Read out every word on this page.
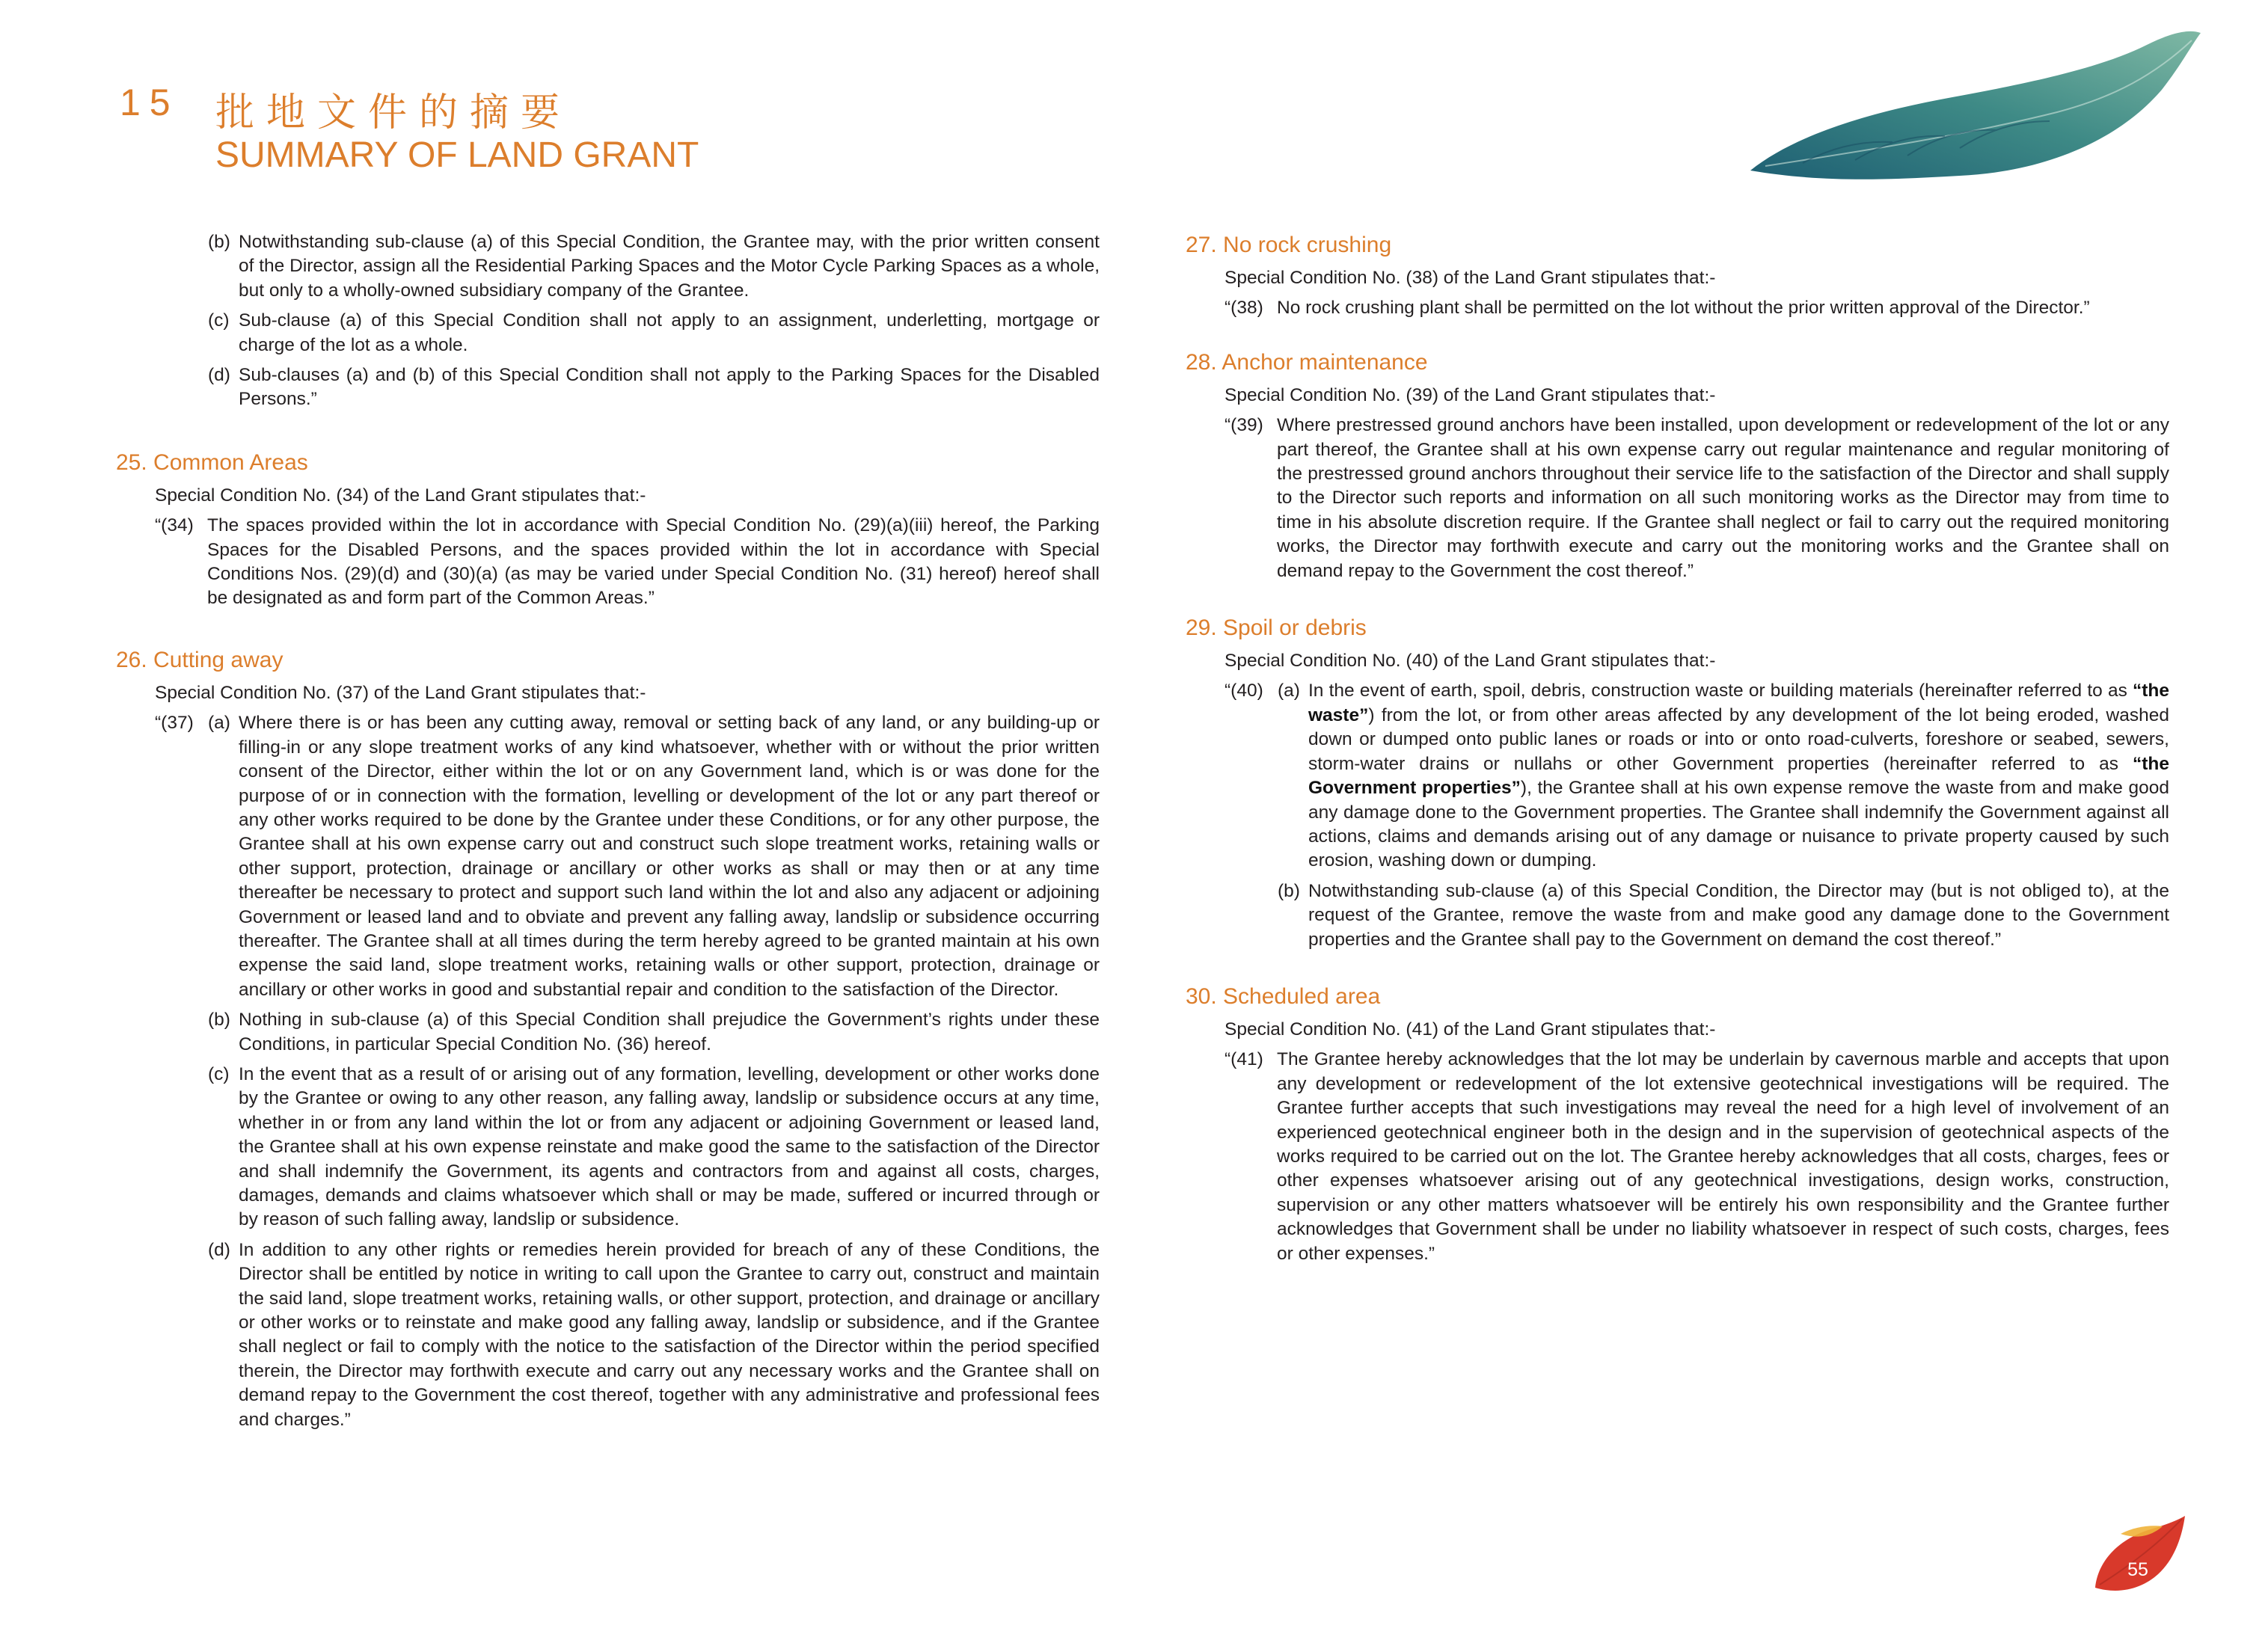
15 批地文件的摘要
SUMMARY OF LAND GRANT
(b) Notwithstanding sub-clause (a) of this Special Condition, the Grantee may, with the prior written consent of the Director, assign all the Residential Parking Spaces and the Motor Cycle Parking Spaces as a whole, but only to a wholly-owned subsidiary company of the Grantee.
(c) Sub-clause (a) of this Special Condition shall not apply to an assignment, underletting, mortgage or charge of the lot as a whole.
(d) Sub-clauses (a) and (b) of this Special Condition shall not apply to the Parking Spaces for the Disabled Persons.”
25. Common Areas
Special Condition No. (34) of the Land Grant stipulates that:-
“(34) The spaces provided within the lot in accordance with Special Condition No. (29)(a)(iii) hereof, the Parking Spaces for the Disabled Persons, and the spaces provided within the lot in accordance with Special Conditions Nos. (29)(d) and (30)(a) (as may be varied under Special Condition No. (31) hereof) hereof shall be designated as and form part of the Common Areas.”
26. Cutting away
Special Condition No. (37) of the Land Grant stipulates that:-
“(37) (a) Where there is or has been any cutting away, removal or setting back of any land, or any building-up or filling-in or any slope treatment works of any kind whatsoever, whether with or without the prior written consent of the Director, either within the lot or on any Government land, which is or was done for the purpose of or in connection with the formation, levelling or development of the lot or any part thereof or any other works required to be done by the Grantee under these Conditions, or for any other purpose, the Grantee shall at his own expense carry out and construct such slope treatment works, retaining walls or other support, protection, drainage or ancillary or other works as shall or may then or at any time thereafter be necessary to protect and support such land within the lot and also any adjacent or adjoining Government or leased land and to obviate and prevent any falling away, landslip or subsidence occurring thereafter. The Grantee shall at all times during the term hereby agreed to be granted maintain at his own expense the said land, slope treatment works, retaining walls or other support, protection, drainage or ancillary or other works in good and substantial repair and condition to the satisfaction of the Director.
(b) Nothing in sub-clause (a) of this Special Condition shall prejudice the Government’s rights under these Conditions, in particular Special Condition No. (36) hereof.
(c) In the event that as a result of or arising out of any formation, levelling, development or other works done by the Grantee or owing to any other reason, any falling away, landslip or subsidence occurs at any time, whether in or from any land within the lot or from any adjacent or adjoining Government or leased land, the Grantee shall at his own expense reinstate and make good the same to the satisfaction of the Director and shall indemnify the Government, its agents and contractors from and against all costs, charges, damages, demands and claims whatsoever which shall or may be made, suffered or incurred through or by reason of such falling away, landslip or subsidence.
(d) In addition to any other rights or remedies herein provided for breach of any of these Conditions, the Director shall be entitled by notice in writing to call upon the Grantee to carry out, construct and maintain the said land, slope treatment works, retaining walls, or other support, protection, and drainage or ancillary or other works or to reinstate and make good any falling away, landslip or subsidence, and if the Grantee shall neglect or fail to comply with the notice to the satisfaction of the Director within the period specified therein, the Director may forthwith execute and carry out any necessary works and the Grantee shall on demand repay to the Government the cost thereof, together with any administrative and professional fees and charges.”
27. No rock crushing
Special Condition No. (38) of the Land Grant stipulates that:-
“(38) No rock crushing plant shall be permitted on the lot without the prior written approval of the Director.”
28. Anchor maintenance
Special Condition No. (39) of the Land Grant stipulates that:-
“(39) Where prestressed ground anchors have been installed, upon development or redevelopment of the lot or any part thereof, the Grantee shall at his own expense carry out regular maintenance and regular monitoring of the prestressed ground anchors throughout their service life to the satisfaction of the Director and shall supply to the Director such reports and information on all such monitoring works as the Director may from time to time in his absolute discretion require. If the Grantee shall neglect or fail to carry out the required monitoring works, the Director may forthwith execute and carry out the monitoring works and the Grantee shall on demand repay to the Government the cost thereof.”
29. Spoil or debris
Special Condition No. (40) of the Land Grant stipulates that:-
“(40) (a) In the event of earth, spoil, debris, construction waste or building materials (hereinafter referred to as “the waste”) from the lot, or from other areas affected by any development of the lot being eroded, washed down or dumped onto public lanes or roads or into or onto road-culverts, foreshore or seabed, sewers, storm-water drains or nullahs or other Government properties (hereinafter referred to as “the Government properties”), the Grantee shall at his own expense remove the waste from and make good any damage done to the Government properties. The Grantee shall indemnify the Government against all actions, claims and demands arising out of any damage or nuisance to private property caused by such erosion, washing down or dumping.
(b) Notwithstanding sub-clause (a) of this Special Condition, the Director may (but is not obliged to), at the request of the Grantee, remove the waste from and make good any damage done to the Government properties and the Grantee shall pay to the Government on demand the cost thereof.”
30. Scheduled area
Special Condition No. (41) of the Land Grant stipulates that:-
“(41) The Grantee hereby acknowledges that the lot may be underlain by cavernous marble and accepts that upon any development or redevelopment of the lot extensive geotechnical investigations will be required. The Grantee further accepts that such investigations may reveal the need for a high level of involvement of an experienced geotechnical engineer both in the design and in the supervision of geotechnical aspects of the works required to be carried out on the lot. The Grantee hereby acknowledges that all costs, charges, fees or other expenses whatsoever arising out of any geotechnical investigations, design works, construction, supervision or any other matters whatsoever will be entirely his own responsibility and the Grantee further acknowledges that Government shall be under no liability whatsoever in respect of such costs, charges, fees or other expenses.”
55
